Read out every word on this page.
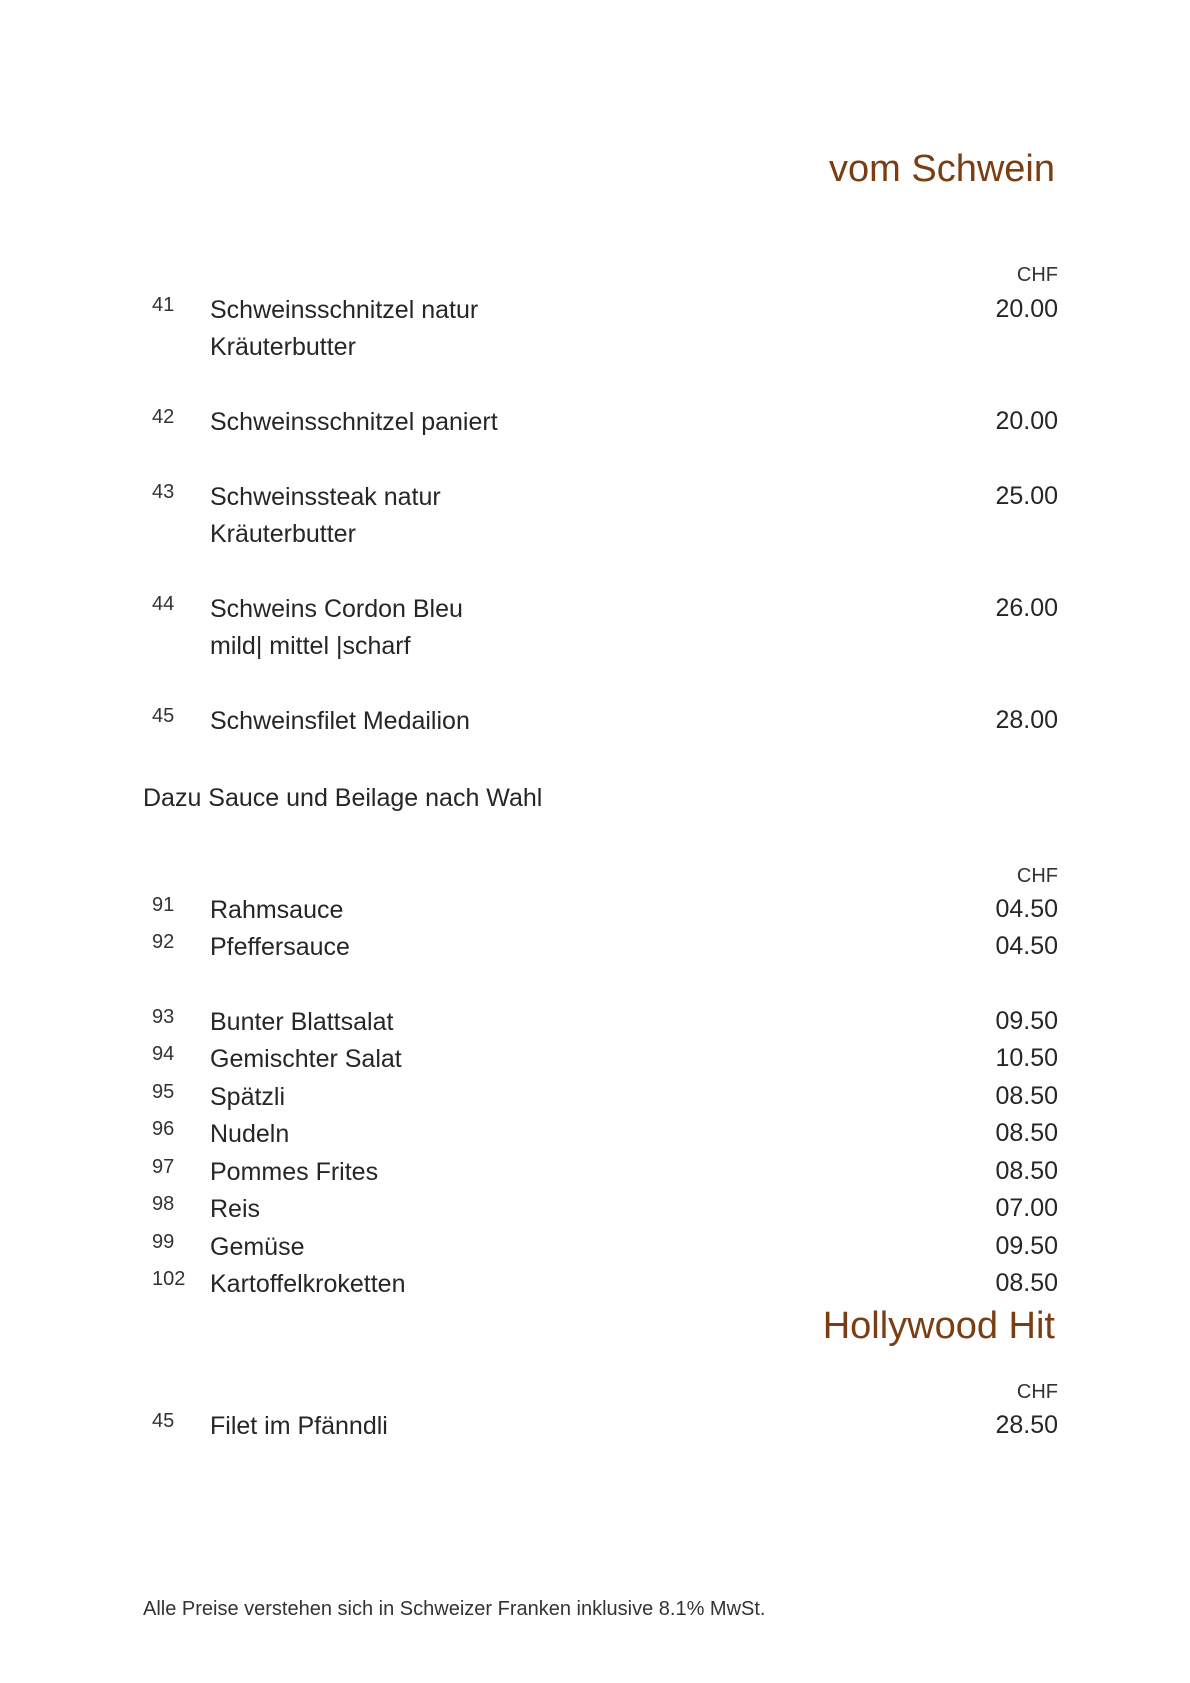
vom Schwein
CHF
41 Schweinsschnitzel natur	20.00
Kräuterbutter
42 Schweinsschnitzel paniert	20.00
43 Schweinssteak natur	25.00
Kräuterbutter
44 Schweins Cordon Bleu	26.00
mild| mittel |scharf
45 Schweinsfilet Medailion	28.00
Dazu Sauce und Beilage nach Wahl
CHF
91 Rahmsauce	04.50
92 Pfeffersauce	04.50
93 Bunter Blattsalat	09.50
94 Gemischter Salat	10.50
95 Spätzli	08.50
96 Nudeln	08.50
97 Pommes Frites	08.50
98 Reis	07.00
99 Gemüse	09.50
102 Kartoffelkroketten	08.50
Hollywood Hit
CHF
45 Filet im Pfänndli	28.50
Alle Preise verstehen sich in Schweizer Franken inklusive 8.1% MwSt.
